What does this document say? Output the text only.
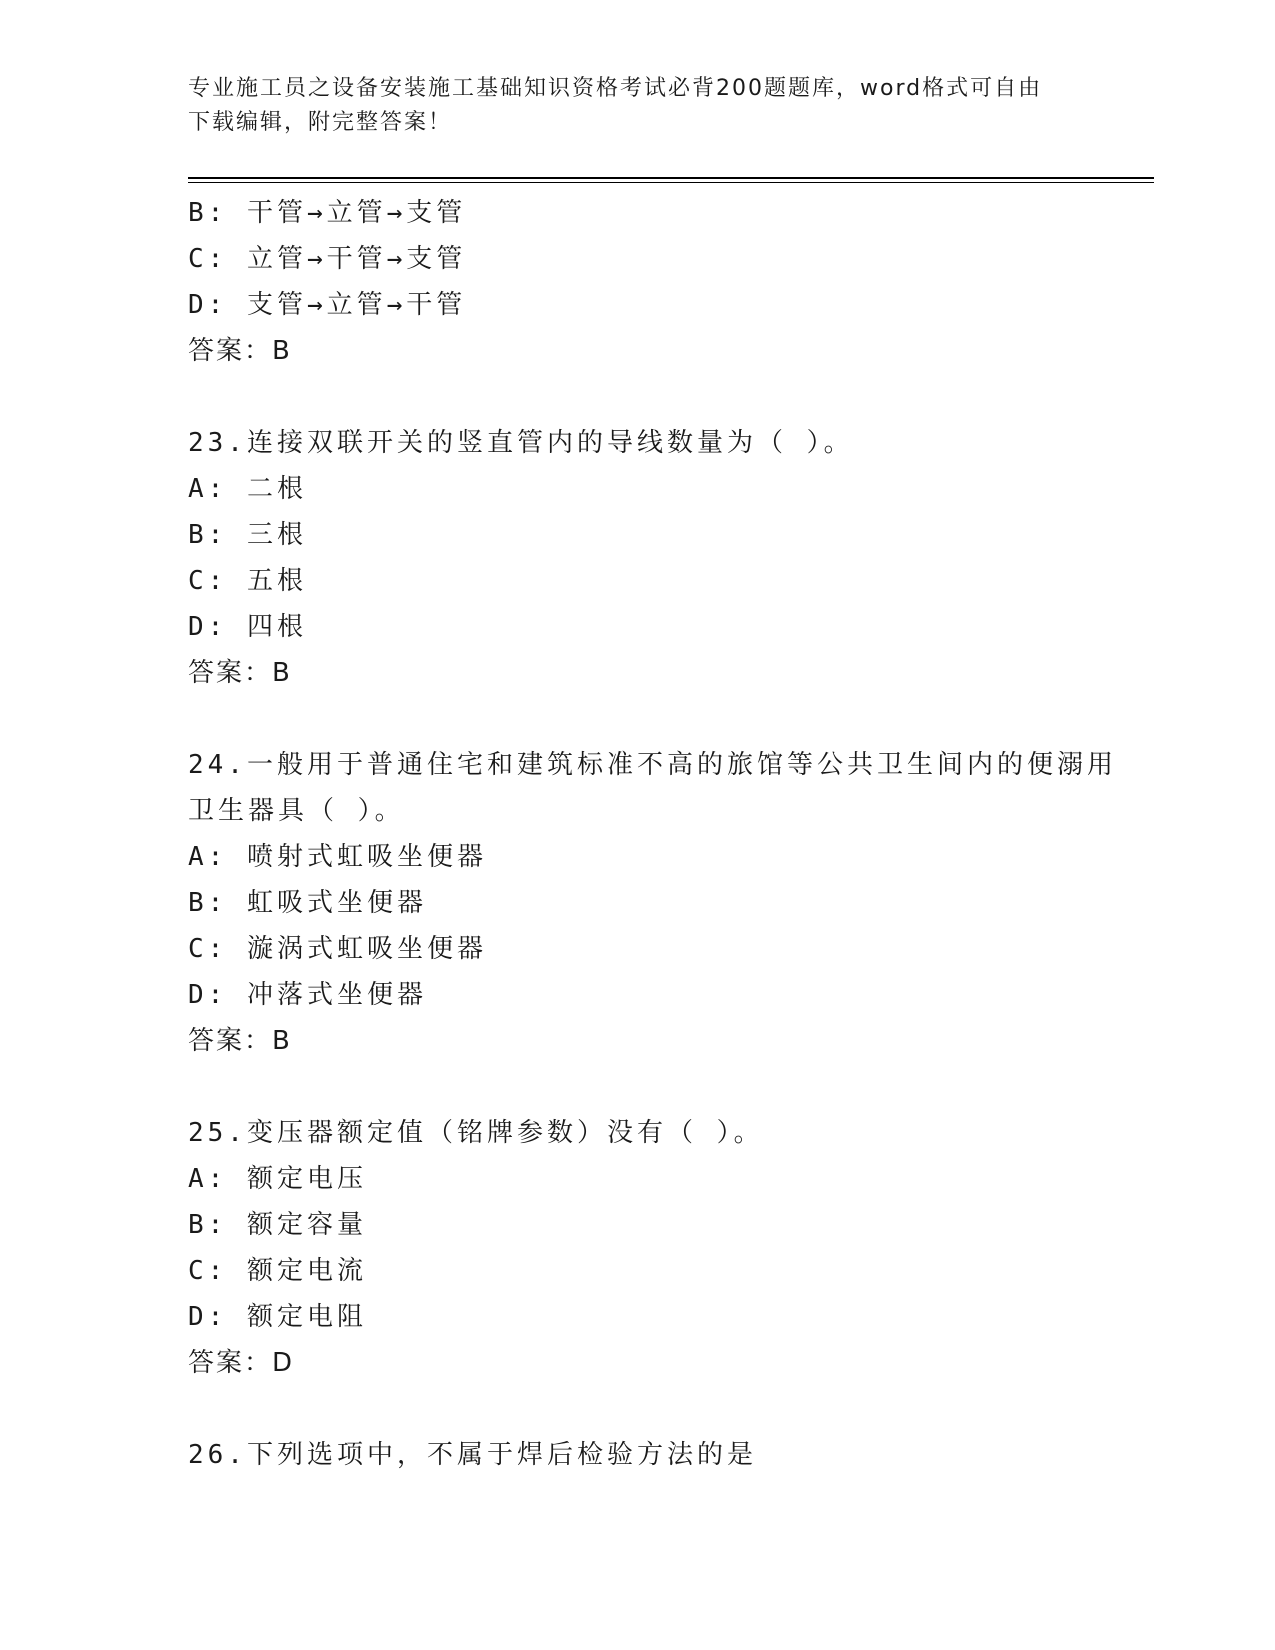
专业施工员之设备安装施工基础知识资格考试必背200题题库，word格式可自由
下载编辑，附完整答案！
B: 干管→立管→支管
C: 立管→干管→支管
D: 支管→立管→干管
答案：B
23.连接双联开关的竖直管内的导线数量为（ ）。
A: 二根
B: 三根
C: 五根
D: 四根
答案：B
24.一般用于普通住宅和建筑标准不高的旅馆等公共卫生间内的便溺用
卫生器具（ ）。
A: 喷射式虹吸坐便器
B: 虹吸式坐便器
C: 漩涡式虹吸坐便器
D: 冲落式坐便器
答案：B
25.变压器额定值（铭牌参数）没有（ ）。
A: 额定电压
B: 额定容量
C: 额定电流
D: 额定电阻
答案：D
26.下列选项中，不属于焊后检验方法的是
